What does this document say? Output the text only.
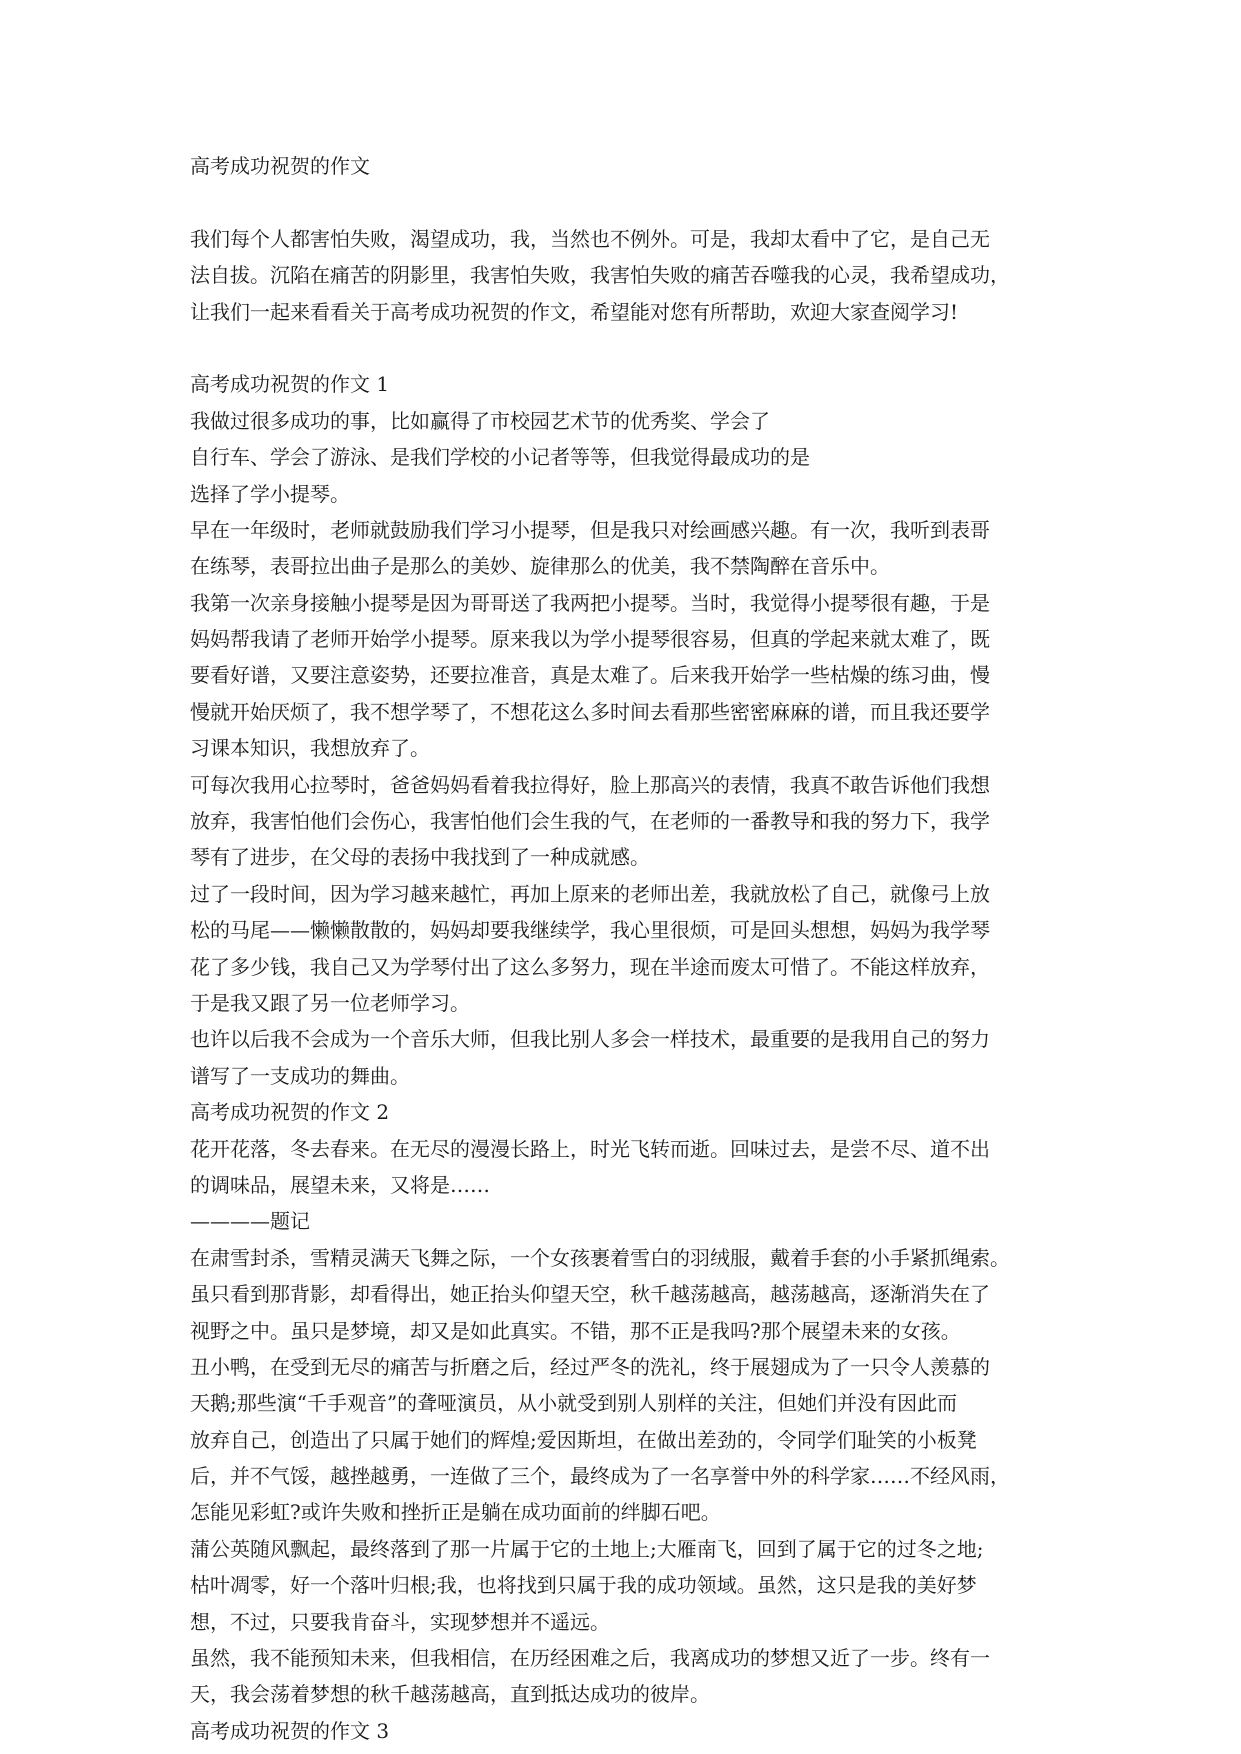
高考成功祝贺的作文
我们每个人都害怕失败，渴望成功，我，当然也不例外。可是，我却太看中了它，是自己无
法自拔。沉陷在痛苦的阴影里，我害怕失败，我害怕失败的痛苦吞噬我的心灵，我希望成功，
让我们一起来看看关于高考成功祝贺的作文，希望能对您有所帮助，欢迎大家查阅学习!
高考成功祝贺的作文 1
我做过很多成功的事，比如赢得了市校园艺术节的优秀奖、学会了
自行车、学会了游泳、是我们学校的小记者等等，但我觉得最成功的是
选择了学小提琴。
早在一年级时，老师就鼓励我们学习小提琴，但是我只对绘画感兴趣。有一次，我听到表哥
在练琴，表哥拉出曲子是那么的美妙、旋律那么的优美，我不禁陶醉在音乐中。
我第一次亲身接触小提琴是因为哥哥送了我两把小提琴。当时，我觉得小提琴很有趣，于是
妈妈帮我请了老师开始学小提琴。原来我以为学小提琴很容易，但真的学起来就太难了，既
要看好谱，又要注意姿势，还要拉准音，真是太难了。后来我开始学一些枯燥的练习曲，慢
慢就开始厌烦了，我不想学琴了，不想花这么多时间去看那些密密麻麻的谱，而且我还要学
习课本知识，我想放弃了。
可每次我用心拉琴时，爸爸妈妈看着我拉得好，脸上那高兴的表情，我真不敢告诉他们我想
放弃，我害怕他们会伤心，我害怕他们会生我的气，在老师的一番教导和我的努力下，我学
琴有了进步，在父母的表扬中我找到了一种成就感。
过了一段时间，因为学习越来越忙，再加上原来的老师出差，我就放松了自己，就像弓上放
松的马尾——懒懒散散的，妈妈却要我继续学，我心里很烦，可是回头想想，妈妈为我学琴
花了多少钱，我自己又为学琴付出了这么多努力，现在半途而废太可惜了。不能这样放弃，
于是我又跟了另一位老师学习。
也许以后我不会成为一个音乐大师，但我比别人多会一样技术，最重要的是我用自己的努力
谱写了一支成功的舞曲。
高考成功祝贺的作文 2
花开花落，冬去春来。在无尽的漫漫长路上，时光飞转而逝。回味过去，是尝不尽、道不出
的调味品，展望未来，又将是……
————题记
在肃雪封杀，雪精灵满天飞舞之际，一个女孩裹着雪白的羽绒服，戴着手套的小手紧抓绳索。
虽只看到那背影，却看得出，她正抬头仰望天空，秋千越荡越高，越荡越高，逐渐消失在了
视野之中。虽只是梦境，却又是如此真实。不错，那不正是我吗?那个展望未来的女孩。
丑小鸭，在受到无尽的痛苦与折磨之后，经过严冬的洗礼，终于展翅成为了一只令人羡慕的
天鹅;那些演“千手观音”的聋哑演员，从小就受到别人别样的关注，但她们并没有因此而
放弃自己，创造出了只属于她们的辉煌;爱因斯坦，在做出差劲的，令同学们耻笑的小板凳
后，并不气馁，越挫越勇，一连做了三个，最终成为了一名享誉中外的科学家……不经风雨，
怎能见彩虹?或许失败和挫折正是躺在成功面前的绊脚石吧。
蒲公英随风飘起，最终落到了那一片属于它的土地上;大雁南飞，回到了属于它的过冬之地;
枯叶凋零，好一个落叶归根;我，也将找到只属于我的成功领域。虽然，这只是我的美好梦
想，不过，只要我肯奋斗，实现梦想并不遥远。
虽然，我不能预知未来，但我相信，在历经困难之后，我离成功的梦想又近了一步。终有一
天，我会荡着梦想的秋千越荡越高，直到抵达成功的彼岸。
高考成功祝贺的作文 3
